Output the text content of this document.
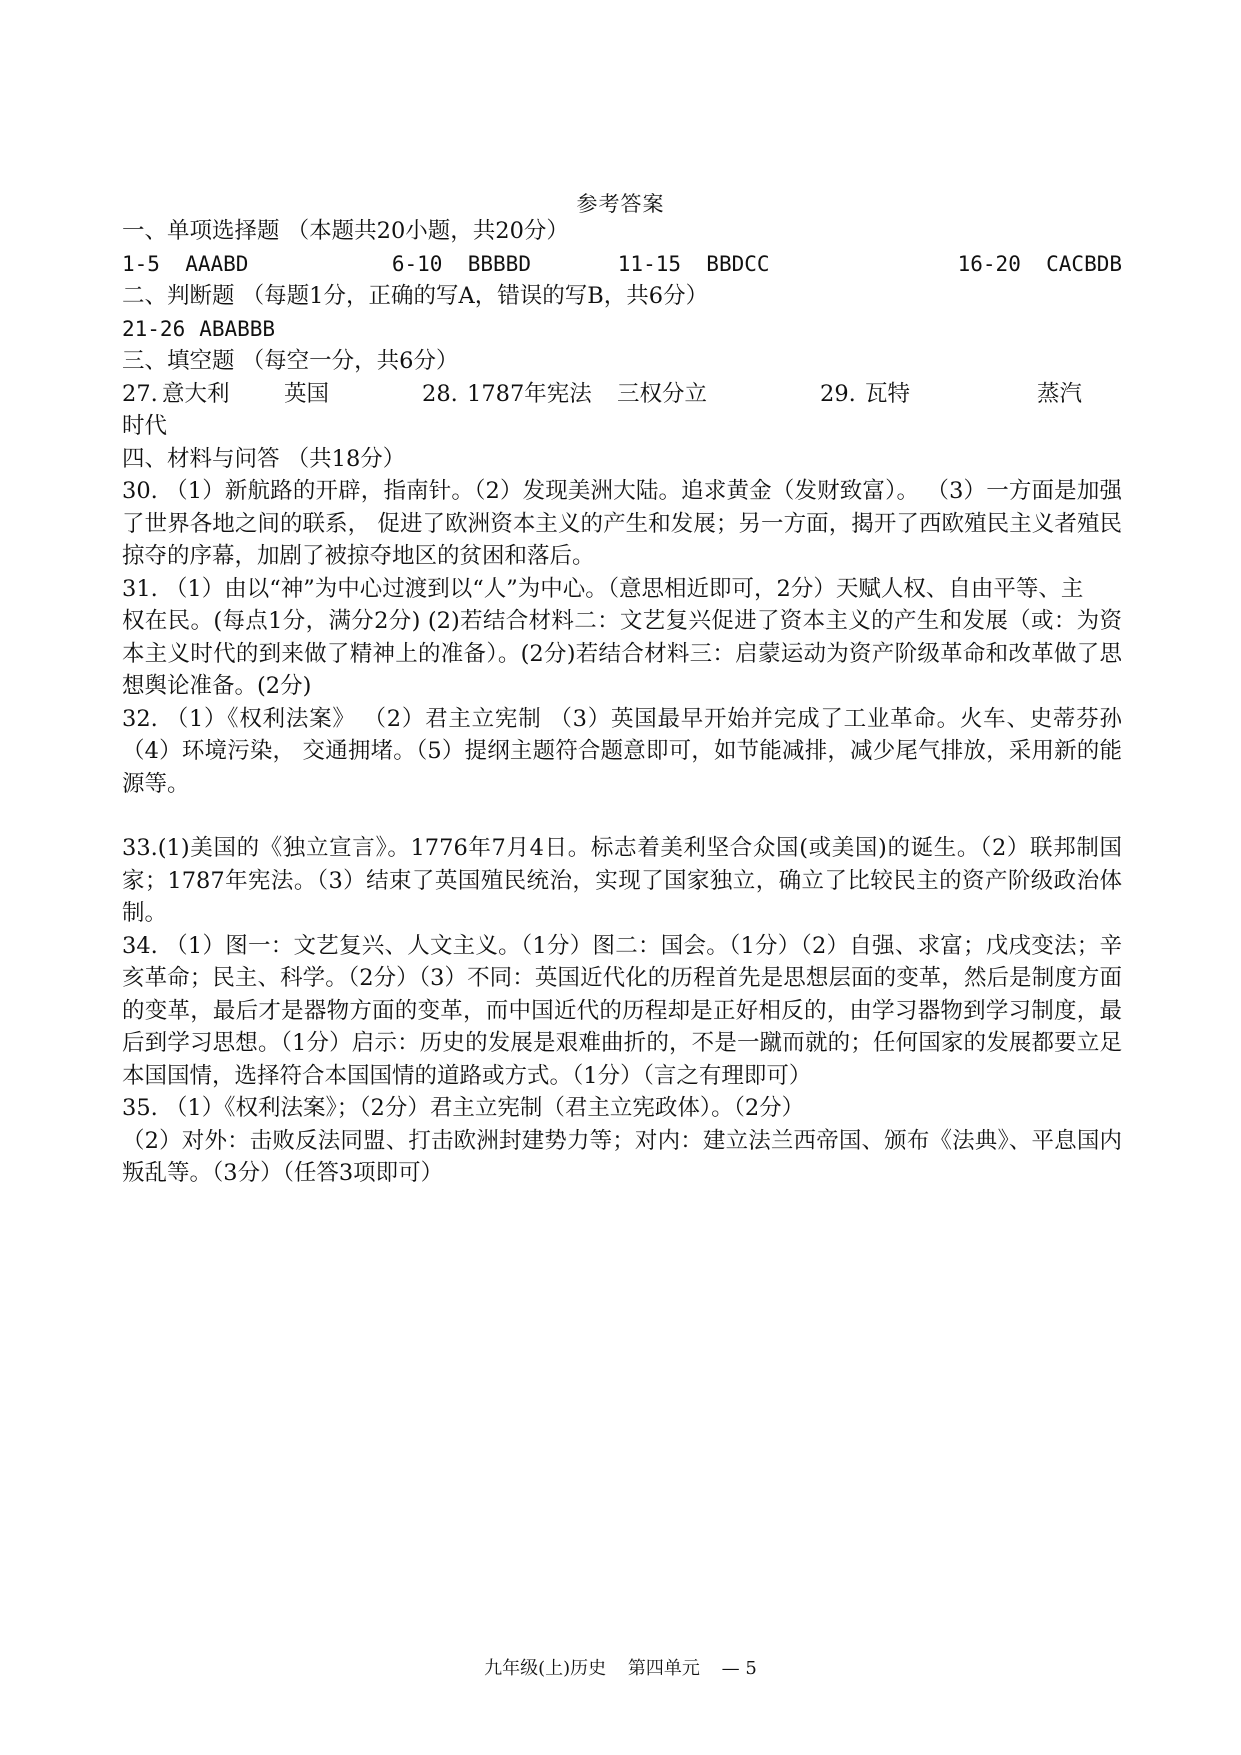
参考答案
一、单项选择题 （本题共20小题，共20分）
1-5 AAABD	6-10 BBBBD	11-15 BBDCC	16-20 CACBDB
二、判断题 （每题1分，正确的写A，错误的写B，共6分）
21-26 ABABBB
三、填空题 （每空一分，共6分）
27. 意大利	英国	28. 1787年宪法	三权分立	29. 瓦特	蒸汽
时代
四、材料与问答 （共18分）
30. （1）新航路的开辟，指南针。（2）发现美洲大陆。追求黄金（发财致富）。 （3）一方面是加强了世界各地之间的联系， 促进了欧洲资本主义的产生和发展；另一方面，揭开了西欧殖民主义者殖民掠夺的序幕，加剧了被掠夺地区的贫困和落后。
31. （1）由以“神”为中心过渡到以“人”为中心。（意思相近即可，2分）天赋人权、自由平等、主
权在民。(每点1分，满分2分) (2)若结合材料二：文艺复兴促进了资本主义的产生和发展（或：为资本主义时代的到来做了精神上的准备）。(2分)若结合材料三：启蒙运动为资产阶级革命和改革做了思想舆论准备。(2分)
32. （1）《权利法案》 （2）君主立宪制 （3）英国最早开始并完成了工业革命。火车、史蒂芬孙（4）环境污染， 交通拥堵。（5）提纲主题符合题意即可，如节能减排，减少尾气排放，采用新的能源等。
33.(1)美国的《独立宣言》。1776年7月4日。标志着美利坚合众国(或美国)的诞生。（2）联邦制国家；1787年宪法。（3）结束了英国殖民统治，实现了国家独立，确立了比较民主的资产阶级政治体制。
34. （1）图一：文艺复兴、人文主义。（1分）图二：国会。（1分）（2）自强、求富；戊戌变法；辛亥革命；民主、科学。（2分）（3）不同：英国近代化的历程首先是思想层面的变革，然后是制度方面的变革，最后才是器物方面的变革，而中国近代的历程却是正好相反的，由学习器物到学习制度，最后到学习思想。（1分）启示：历史的发展是艰难曲折的，不是一蹴而就的；任何国家的发展都要立足本国国情，选择符合本国国情的道路或方式。（1分）（言之有理即可）
35. （1）《权利法案》；（2分）君主立宪制（君主立宪政体）。（2分）
（2）对外：击败反法同盟、打击欧洲封建势力等；对内：建立法兰西帝国、颁布《法典》、平息国内叛乱等。（3分）（任答3项即可）
九年级(上)历史 第四单元 — 5
